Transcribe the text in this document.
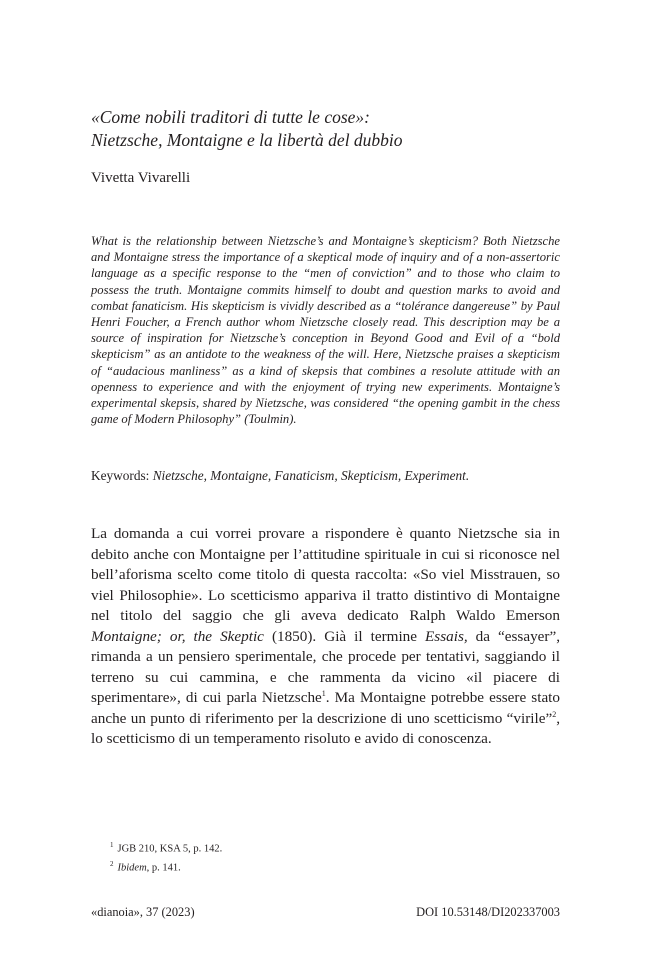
«Come nobili traditori di tutte le cose»:
Nietzsche, Montaigne e la libertà del dubbio

Vivetta Vivarelli

What is the relationship between Nietzsche’s and Montaigne’s skepticism? Both Nietzsche and Montaigne stress the importance of a skeptical mode of inquiry and of a non-assertoric language as a specific response to the “men of conviction” and to those who claim to possess the truth. Montaigne commits himself to doubt and question marks to avoid and combat fanaticism. His skepticism is vividly described as a “tolérance dangereuse” by Paul Henri Foucher, a French author whom Nietzsche closely read. This description may be a source of inspiration for Nietzsche’s conception in Beyond Good and Evil of a “bold skepticism” as an antidote to the weakness of the will. Here, Nietzsche praises a skepticism of “audacious manliness” as a kind of skepsis that combines a resolute attitude with an openness to experience and with the enjoyment of trying new experiments. Montaigne’s experimental skepsis, shared by Nietzsche, was considered “the opening gambit in the chess game of Modern Philosophy” (Toulmin).

Keywords: Nietzsche, Montaigne, Fanaticism, Skepticism, Experiment.

La domanda a cui vorrei provare a rispondere è quanto Nietzsche sia in debito anche con Montaigne per l’attitudine spirituale in cui si riconosce nel bell’aforisma scelto come titolo di questa raccolta: «So viel Misstrauen, so viel Philosophie». Lo scetticismo appariva il tratto distintivo di Montaigne nel titolo del saggio che gli aveva dedicato Ralph Waldo Emerson Montaigne; or, the Skeptic (1850). Già il termine Essais, da “essayer”, rimanda a un pensiero sperimentale, che procede per tentativi, saggiando il terreno su cui cammina, e che rammenta da vicino «il piacere di sperimentare», di cui parla Nietzsche$^1$. Ma Montaigne potrebbe essere stato anche un punto di riferimento per la descrizione di uno scetticismo “virile”$^2$, lo scetticismo di un temperamento risoluto e avido di conoscenza.

$^1$ JGB 210, KSA 5, p. 142.
$^2$ Ibidem, p. 141.
«dianoia», 37 (2023)	DOI 10.53148/DI202337003
